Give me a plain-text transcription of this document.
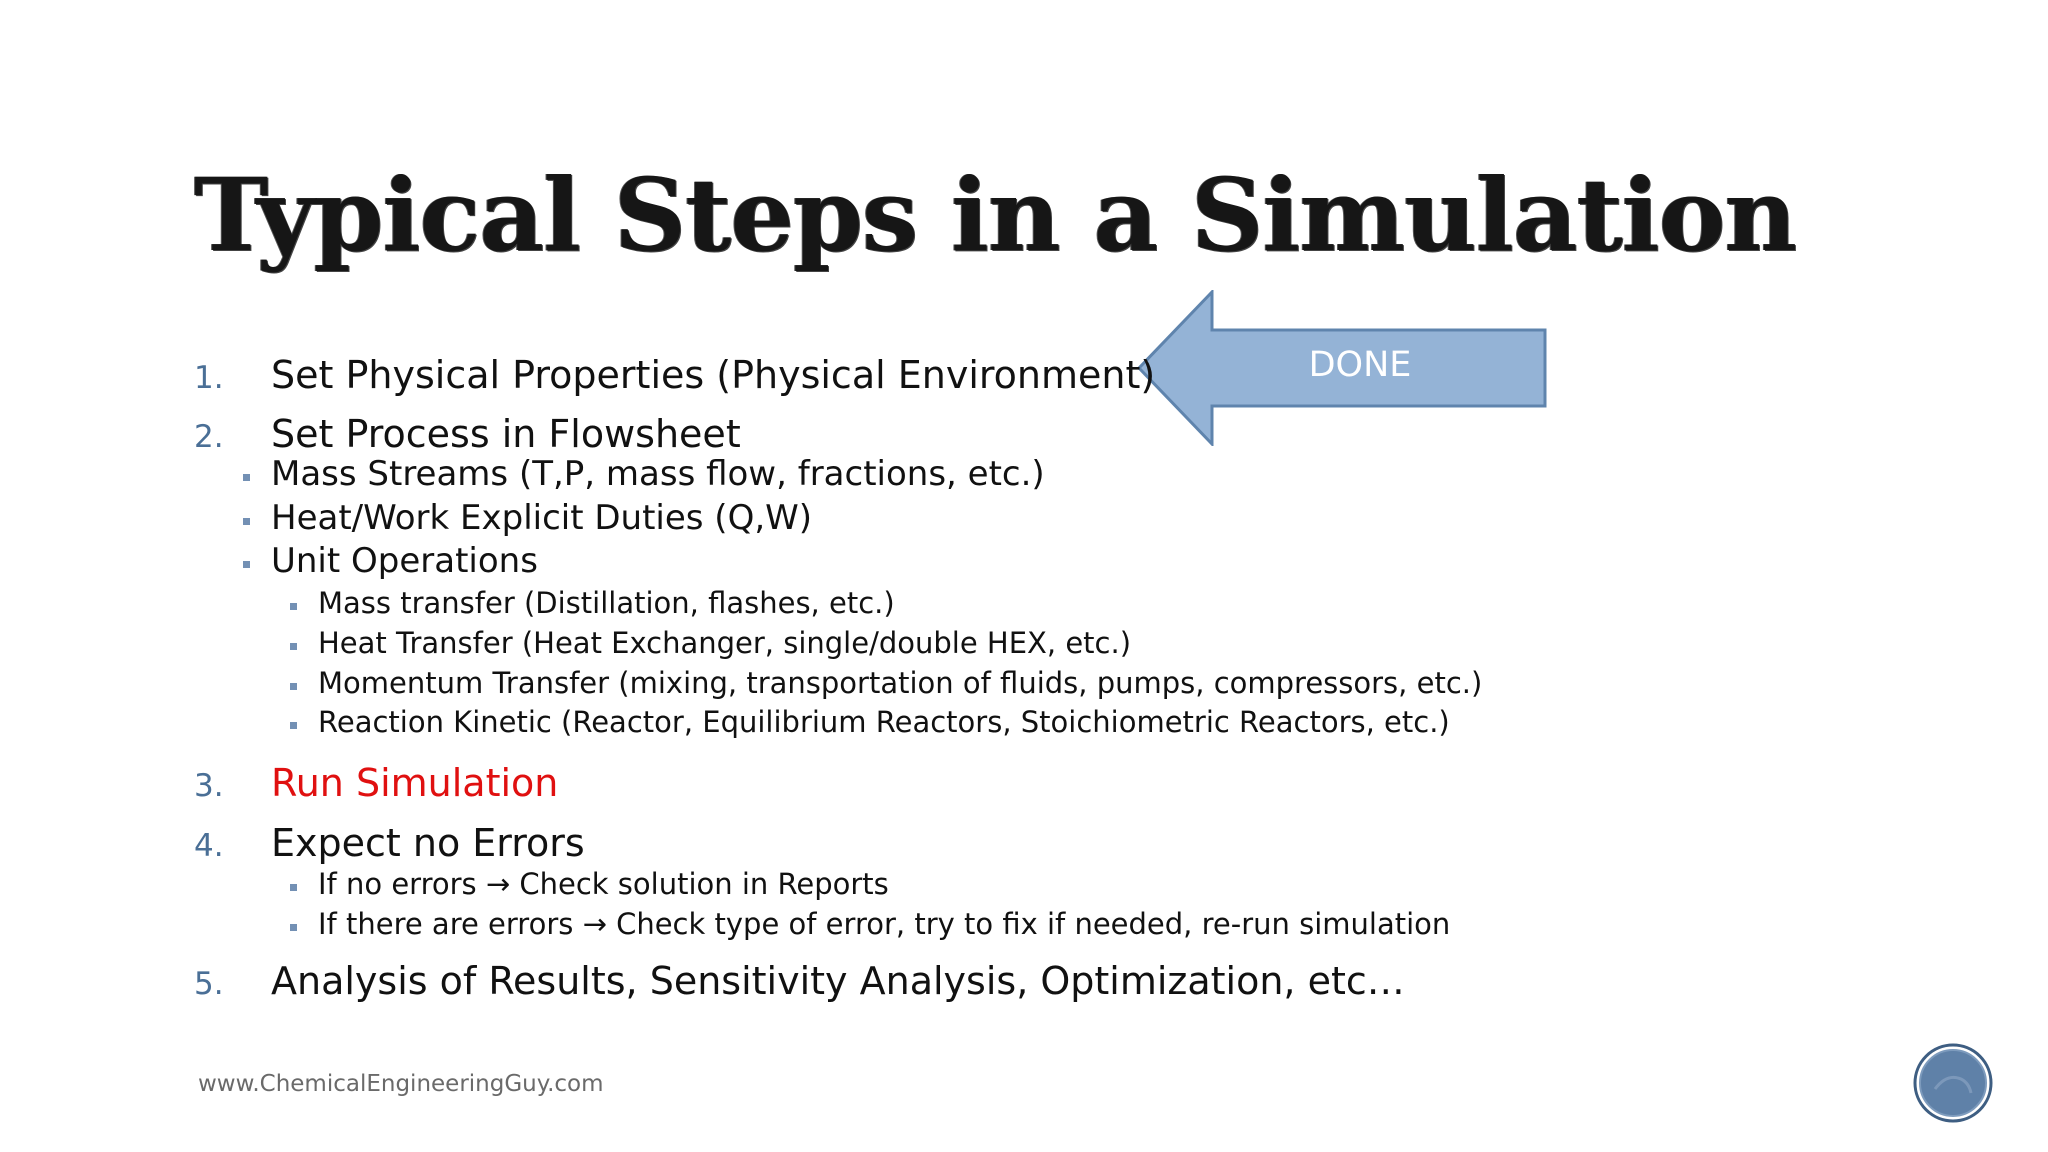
Typical Steps in a Simulation
DONE
1. Set Physical Properties (Physical Environment)
2. Set Process in Flowsheet
Mass Streams (T,P, mass flow, fractions, etc.)
Heat/Work Explicit Duties (Q,W)
Unit Operations
Mass transfer (Distillation, flashes, etc.)
Heat Transfer (Heat Exchanger, single/double HEX, etc.)
Momentum Transfer (mixing, transportation of fluids, pumps, compressors, etc.)
Reaction Kinetic (Reactor, Equilibrium Reactors, Stoichiometric Reactors, etc.)
3. Run Simulation
4. Expect no Errors
If no errors → Check solution in Reports
If there are errors → Check type of error, try to fix if needed, re-run simulation
5. Analysis of Results, Sensitivity Analysis, Optimization, etc…
www.ChemicalEngineeringGuy.com
